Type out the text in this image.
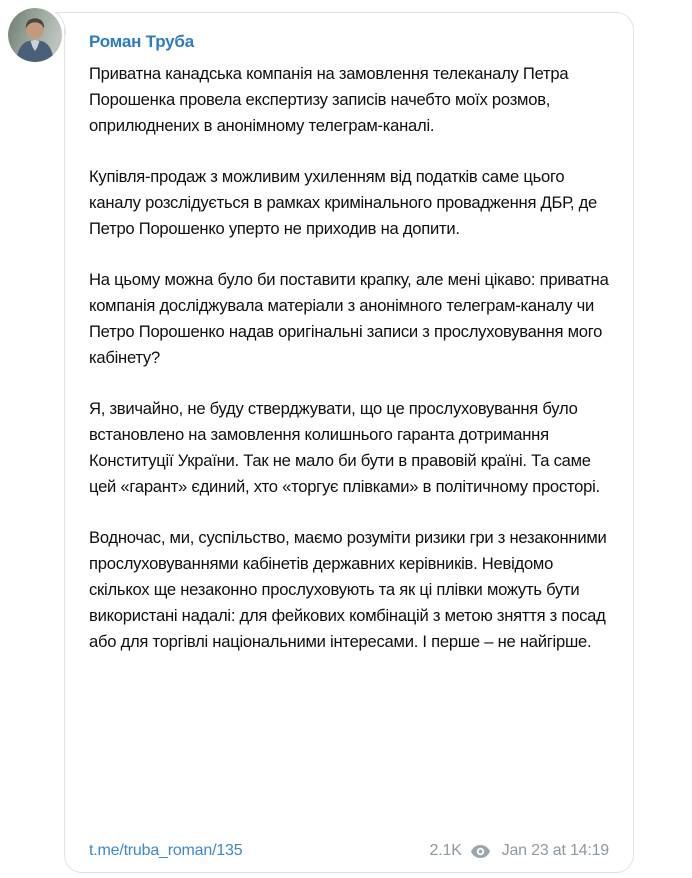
Роман Труба

Приватна канадська компанія на замовлення телеканалу Петра Порошенка провела експертизу записів начебто моїх розмов, оприлюднених в анонімному телеграм-каналі.

Купівля-продаж з можливим ухиленням від податків саме цього каналу розслідується в рамках кримінального провадження ДБР, де Петро Порошенко уперто не приходив на допити.

На цьому можна було би поставити крапку, але мені цікаво: приватна компанія досліджувала матеріали з анонімного телеграм-каналу чи Петро Порошенко надав оригінальні записи з прослуховування мого кабінету?

Я, звичайно, не буду стверджувати, що це прослуховування було встановлено на замовлення колишнього гаранта дотримання Конституції України. Так не мало би бути в правовій країні. Та саме цей «гарант» єдиний, хто «торгує плівками» в політичному просторі.

Водночас, ми, суспільство, маємо розуміти ризики гри з незаконними прослуховуваннями кабінетів державних керівників. Невідомо скількох ще незаконно прослуховують та як ці плівки можуть бути використані надалі: для фейкових комбінацій з метою зняття з посад або для торгівлі національними інтересами. І перше – не найгірше.

t.me/truba_roman/135	2.1K	Jan 23 at 14:19
